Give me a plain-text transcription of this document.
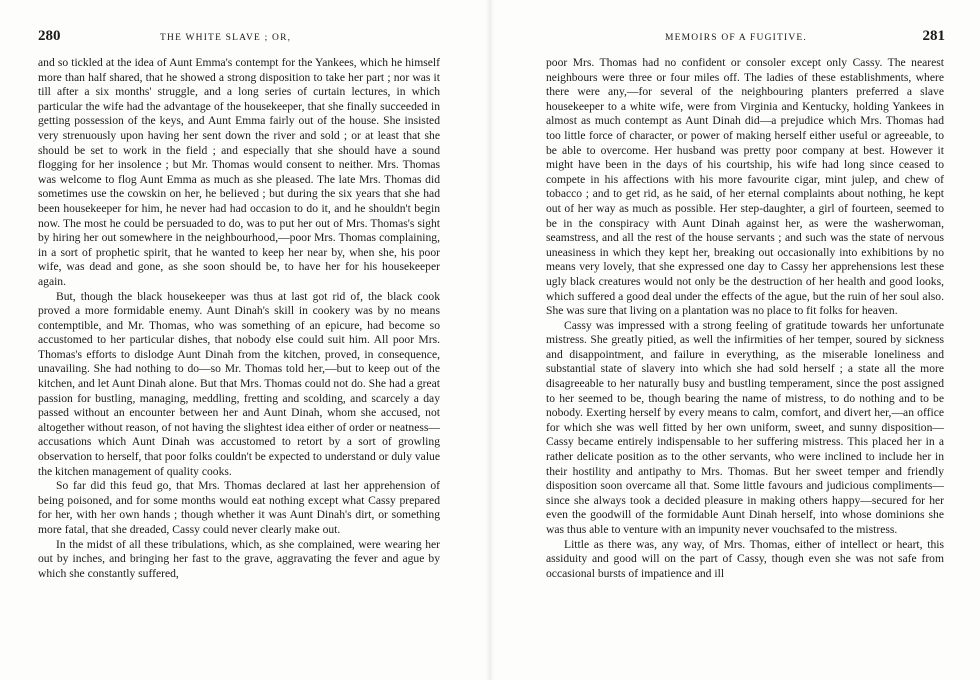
280	THE WHITE SLAVE ; OR,

and so tickled at the idea of Aunt Emma's contempt for the Yankees, which he himself more than half shared, that he showed a strong disposition to take her part ; nor was it till after a six months' struggle, and a long series of curtain lectures, in which particular the wife had the advantage of the housekeeper, that she finally succeeded in getting possession of the keys, and Aunt Emma fairly out of the house. She insisted very strenuously upon having her sent down the river and sold ; or at least that she should be set to work in the field ; and especially that she should have a sound flogging for her insolence ; but Mr. Thomas would consent to neither. Mrs. Thomas was welcome to flog Aunt Emma as much as she pleased. The late Mrs. Thomas did sometimes use the cowskin on her, he believed ; but during the six years that she had been housekeeper for him, he never had had occasion to do it, and he shouldn't begin now. The most he could be persuaded to do, was to put her out of Mrs. Thomas's sight by hiring her out somewhere in the neighbourhood,—poor Mrs. Thomas complaining, in a sort of prophetic spirit, that he wanted to keep her near by, when she, his poor wife, was dead and gone, as she soon should be, to have her for his housekeeper again.

But, though the black housekeeper was thus at last got rid of, the black cook proved a more formidable enemy. Aunt Dinah's skill in cookery was by no means contemptible, and Mr. Thomas, who was something of an epicure, had become so accustomed to her particular dishes, that nobody else could suit him. All poor Mrs. Thomas's efforts to dislodge Aunt Dinah from the kitchen, proved, in consequence, unavailing. She had nothing to do—so Mr. Thomas told her,—but to keep out of the kitchen, and let Aunt Dinah alone. But that Mrs. Thomas could not do. She had a great passion for bustling, managing, meddling, fretting and scolding, and scarcely a day passed without an encounter between her and Aunt Dinah, whom she accused, not altogether without reason, of not having the slightest idea either of order or neatness—accusations which Aunt Dinah was accustomed to retort by a sort of growling observation to herself, that poor folks couldn't be expected to understand or duly value the kitchen management of quality cooks.

So far did this feud go, that Mrs. Thomas declared at last her apprehension of being poisoned, and for some months would eat nothing except what Cassy prepared for her, with her own hands ; though whether it was Aunt Dinah's dirt, or something more fatal, that she dreaded, Cassy could never clearly make out.

In the midst of all these tribulations, which, as she complained, were wearing her out by inches, and bringing her fast to the grave, aggravating the fever and ague by which she constantly suffered,

MEMOIRS OF A FUGITIVE.	281

poor Mrs. Thomas had no confident or consoler except only Cassy. The nearest neighbours were three or four miles off. The ladies of these establishments, where there were any,—for several of the neighbouring planters preferred a slave housekeeper to a white wife, were from Virginia and Kentucky, holding Yankees in almost as much contempt as Aunt Dinah did—a prejudice which Mrs. Thomas had too little force of character, or power of making herself either useful or agreeable, to be able to overcome. Her husband was pretty poor company at best. However it might have been in the days of his courtship, his wife had long since ceased to compete in his affections with his more favourite cigar, mint julep, and chew of tobacco ; and to get rid, as he said, of her eternal complaints about nothing, he kept out of her way as much as possible. Her step-daughter, a girl of fourteen, seemed to be in the conspiracy with Aunt Dinah against her, as were the washerwoman, seamstress, and all the rest of the house servants ; and such was the state of nervous uneasiness in which they kept her, breaking out occasionally into exhibitions by no means very lovely, that she expressed one day to Cassy her apprehensions lest these ugly black creatures would not only be the destruction of her health and good looks, which suffered a good deal under the effects of the ague, but the ruin of her soul also. She was sure that living on a plantation was no place to fit folks for heaven.

Cassy was impressed with a strong feeling of gratitude towards her unfortunate mistress. She greatly pitied, as well the infirmities of her temper, soured by sickness and disappointment, and failure in everything, as the miserable loneliness and substantial state of slavery into which she had sold herself ; a state all the more disagreeable to her naturally busy and bustling temperament, since the post assigned to her seemed to be, though bearing the name of mistress, to do nothing and to be nobody. Exerting herself by every means to calm, comfort, and divert her,—an office for which she was well fitted by her own uniform, sweet, and sunny disposition—Cassy became entirely indispensable to her suffering mistress. This placed her in a rather delicate position as to the other servants, who were inclined to include her in their hostility and antipathy to Mrs. Thomas. But her sweet temper and friendly disposition soon overcame all that. Some little favours and judicious compliments—since she always took a decided pleasure in making others happy—secured for her even the goodwill of the formidable Aunt Dinah herself, into whose dominions she was thus able to venture with an impunity never vouchsafed to the mistress.

Little as there was, any way, of Mrs. Thomas, either of intellect or heart, this assiduity and good will on the part of Cassy, though even she was not safe from occasional bursts of impatience and ill
